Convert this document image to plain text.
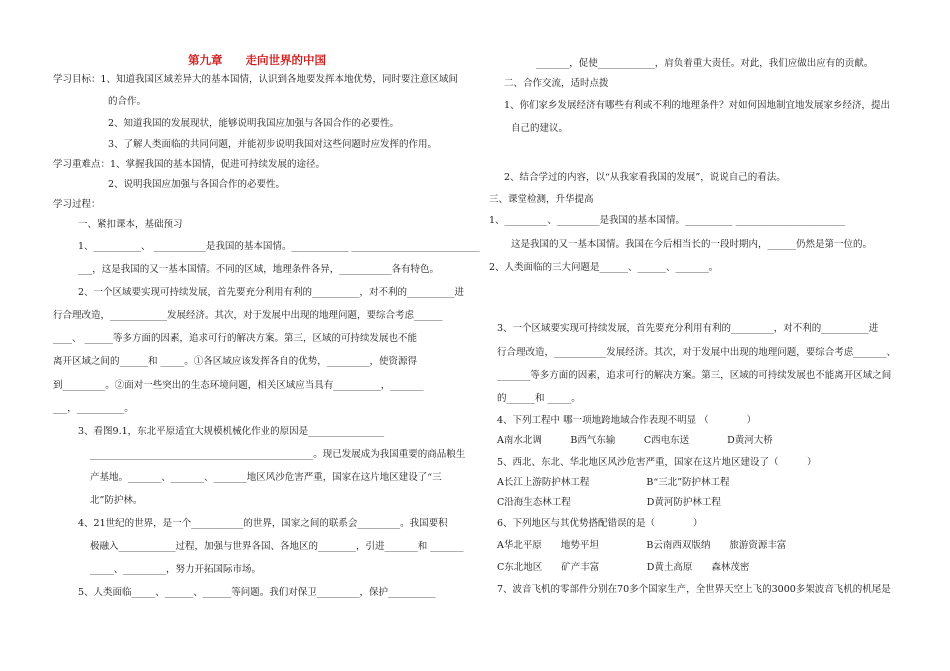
第九章　　走向世界的中国
学习目标：1、知道我国区域差异大的基本国情，认识到各地要发挥本地优势，同时要注意区域间
的合作。
2、知道我国的发展现状，能够说明我国应加强与各国合作的必要性。
3、了解人类面临的共同问题，并能初步说明我国对这些问题时应发挥的作用。
学习重难点：1、掌握我国的基本国情，促进可持续发展的途径。
2、说明我国应加强与各国合作的必要性。
学习过程：
一、紧扣课本，基础预习
1、__________、 ___________是我国的基本国情。____________ ___________________________
___，这是我国的又一基本国情。不同的区域，地理条件各异，___________各有特色。
2、一个区域要实现可持续发展，首先要充分利用有利的__________，对不利的__________进
行合理改造，____________发展经济。其次，对于发展中出现的地理问题，要综合考虑______
____、 ______等多方面的因素，追求可行的解决方案。第三，区域的可持续发展也不能
离开区域之间的______和 _____。①各区域应该发挥各自的优势，_________，使资源得
到_________。②面对一些突出的生态环境问题，相关区域应当具有__________，_______
___，__________。
3、看图9.1，东北平原适宜大规模机械化作业的原因是________________
_______________________________________________。现已发展成为我国重要的商品粮生
产基地。_______、_______、_______地区风沙危害严重，国家在这片地区建设了“三
北”防护林。
4、21世纪的世界，是一个___________的世界，国家之间的联系会_________。我国要积
极融入____________过程，加强与世界各国、各地区的________，引进_______和 _______
_____、_________，努力开拓国际市场。
5、人类面临_____、______、______等问题。我们对保卫_________，保护__________
_______，促使____________，肩负着重大责任。对此，我们应做出应有的贡献。
二、合作交流，适时点拨
1、你们家乡发展经济有哪些有利或不利的地理条件？对如何因地制宜地发展家乡经济，提出
自己的建议。
2、结合学过的内容，以“从我家看我国的发展”，说说自己的看法。
三、课堂检测，升华提高
1、_________、_________是我国的基本国情。__________ _______________________
这是我国的又一基本国情。我国在今后相当长的一段时期内，______仍然是第一位的。
2、人类面临的三大问题是______、______、_______。
3、一个区域要实现可持续发展，首先要充分利用有利的_________，对不利的__________进
行合理改造，___________发展经济。其次，对于发展中出现的地理问题，要综合考虑_______、
_______等多方面的因素，追求可行的解决方案。第三，区域的可持续发展也不能离开区域之间
的______和 _____。
4、下列工程中 哪一项地跨地域合作表现不明显 （　　　　）
A南水北调　　　B西气东输　　　C西电东送　　　　D黄河大桥
5、西北、东北、华北地区风沙危害严重，国家在这片地区建设了（　　　）
A长江上游防护林工程　　　　　　B“三北”防护林工程
C沿海生态林工程　　　　　　　　D黄河防护林工程
6、下列地区与其优势搭配错误的是（　　　　）
A华北平原　　地势平坦　　　　　B云南西双版纳　　旅游资源丰富
C东北地区　　矿产丰富　　　　　D黄土高原　　森林茂密
7、波音飞机的零部件分别在70多个国家生产，全世界天空上飞的3000多架波音飞机的机尾是
